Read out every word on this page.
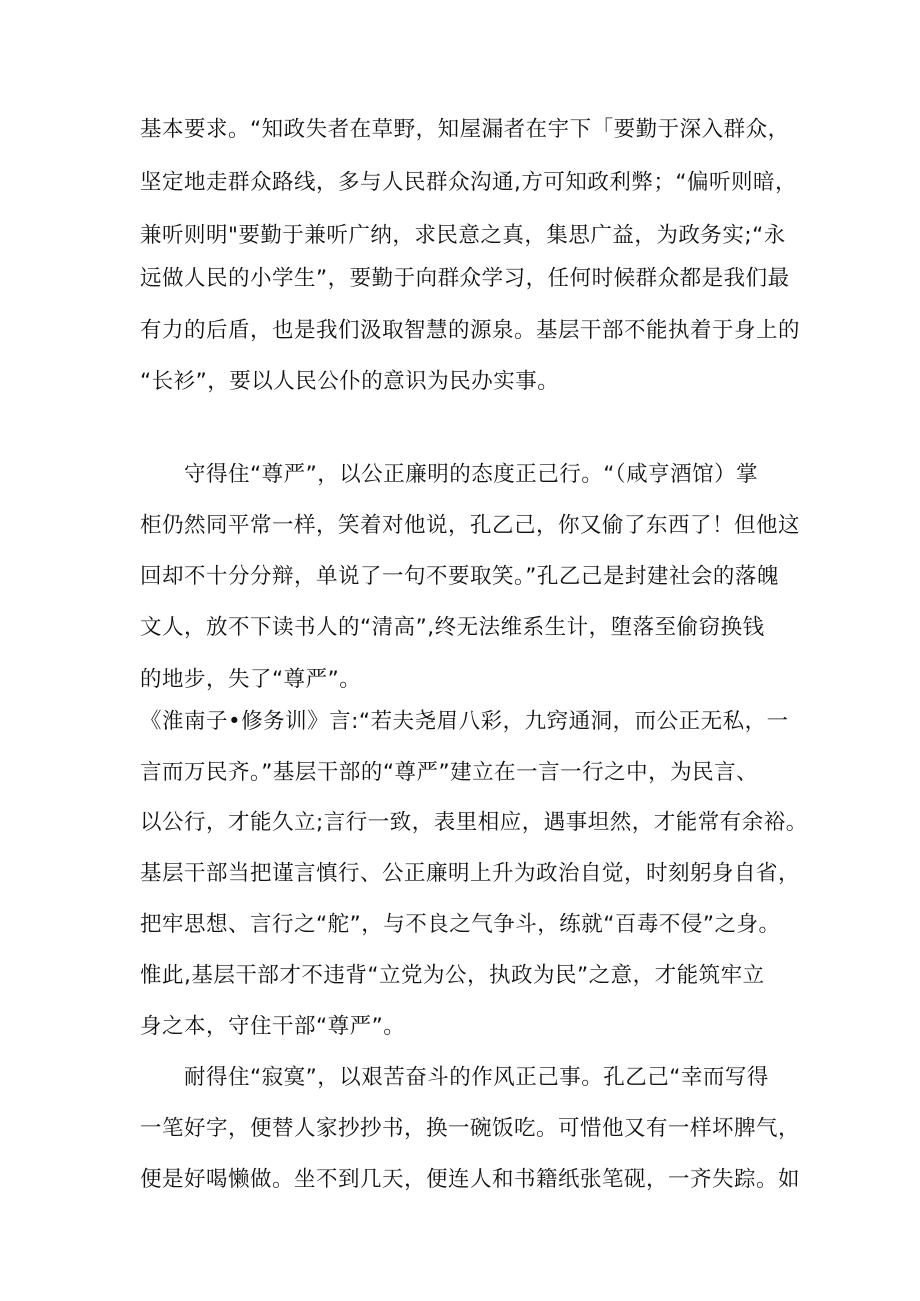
基本要求。“知政失者在草野，知屋漏者在宇下「要勤于深入群众，
坚定地走群众路线，多与人民群众沟通,方可知政利弊；“偏听则暗，
兼听则明"要勤于兼听广纳，求民意之真，集思广益，为政务实;“永
远做人民的小学生”，要勤于向群众学习，任何时候群众都是我们最
有力的后盾，也是我们汲取智慧的源泉。基层干部不能执着于身上的
“长衫”，要以人民公仆的意识为民办实事。
守得住“尊严”，以公正廉明的态度正己行。“（咸亨酒馆）掌
柜仍然同平常一样，笑着对他说，孔乙己，你又偷了东西了！但他这
回却不十分分辩，单说了一句不要取笑。”孔乙己是封建社会的落魄
文人，放不下读书人的“清高”,终无法维系生计，堕落至偷窃换钱
的地步，失了“尊严”。
《淮南子•修务训》言:“若夫尧眉八彩，九窍通洞，而公正无私，一
言而万民齐。”基层干部的“尊严”建立在一言一行之中，为民言、
以公行，才能久立;言行一致，表里相应，遇事坦然，才能常有余裕。
基层干部当把谨言慎行、公正廉明上升为政治自觉，时刻躬身自省，
把牢思想、言行之“舵”，与不良之气争斗，练就“百毒不侵”之身。
惟此,基层干部才不违背“立党为公，执政为民”之意，才能筑牢立
身之本，守住干部“尊严”。
耐得住“寂寞”，以艰苦奋斗的作风正己事。孔乙己“幸而写得
一笔好字，便替人家抄抄书，换一碗饭吃。可惜他又有一样坏脾气，
便是好喝懒做。坐不到几天，便连人和书籍纸张笔砚，一齐失踪。如
